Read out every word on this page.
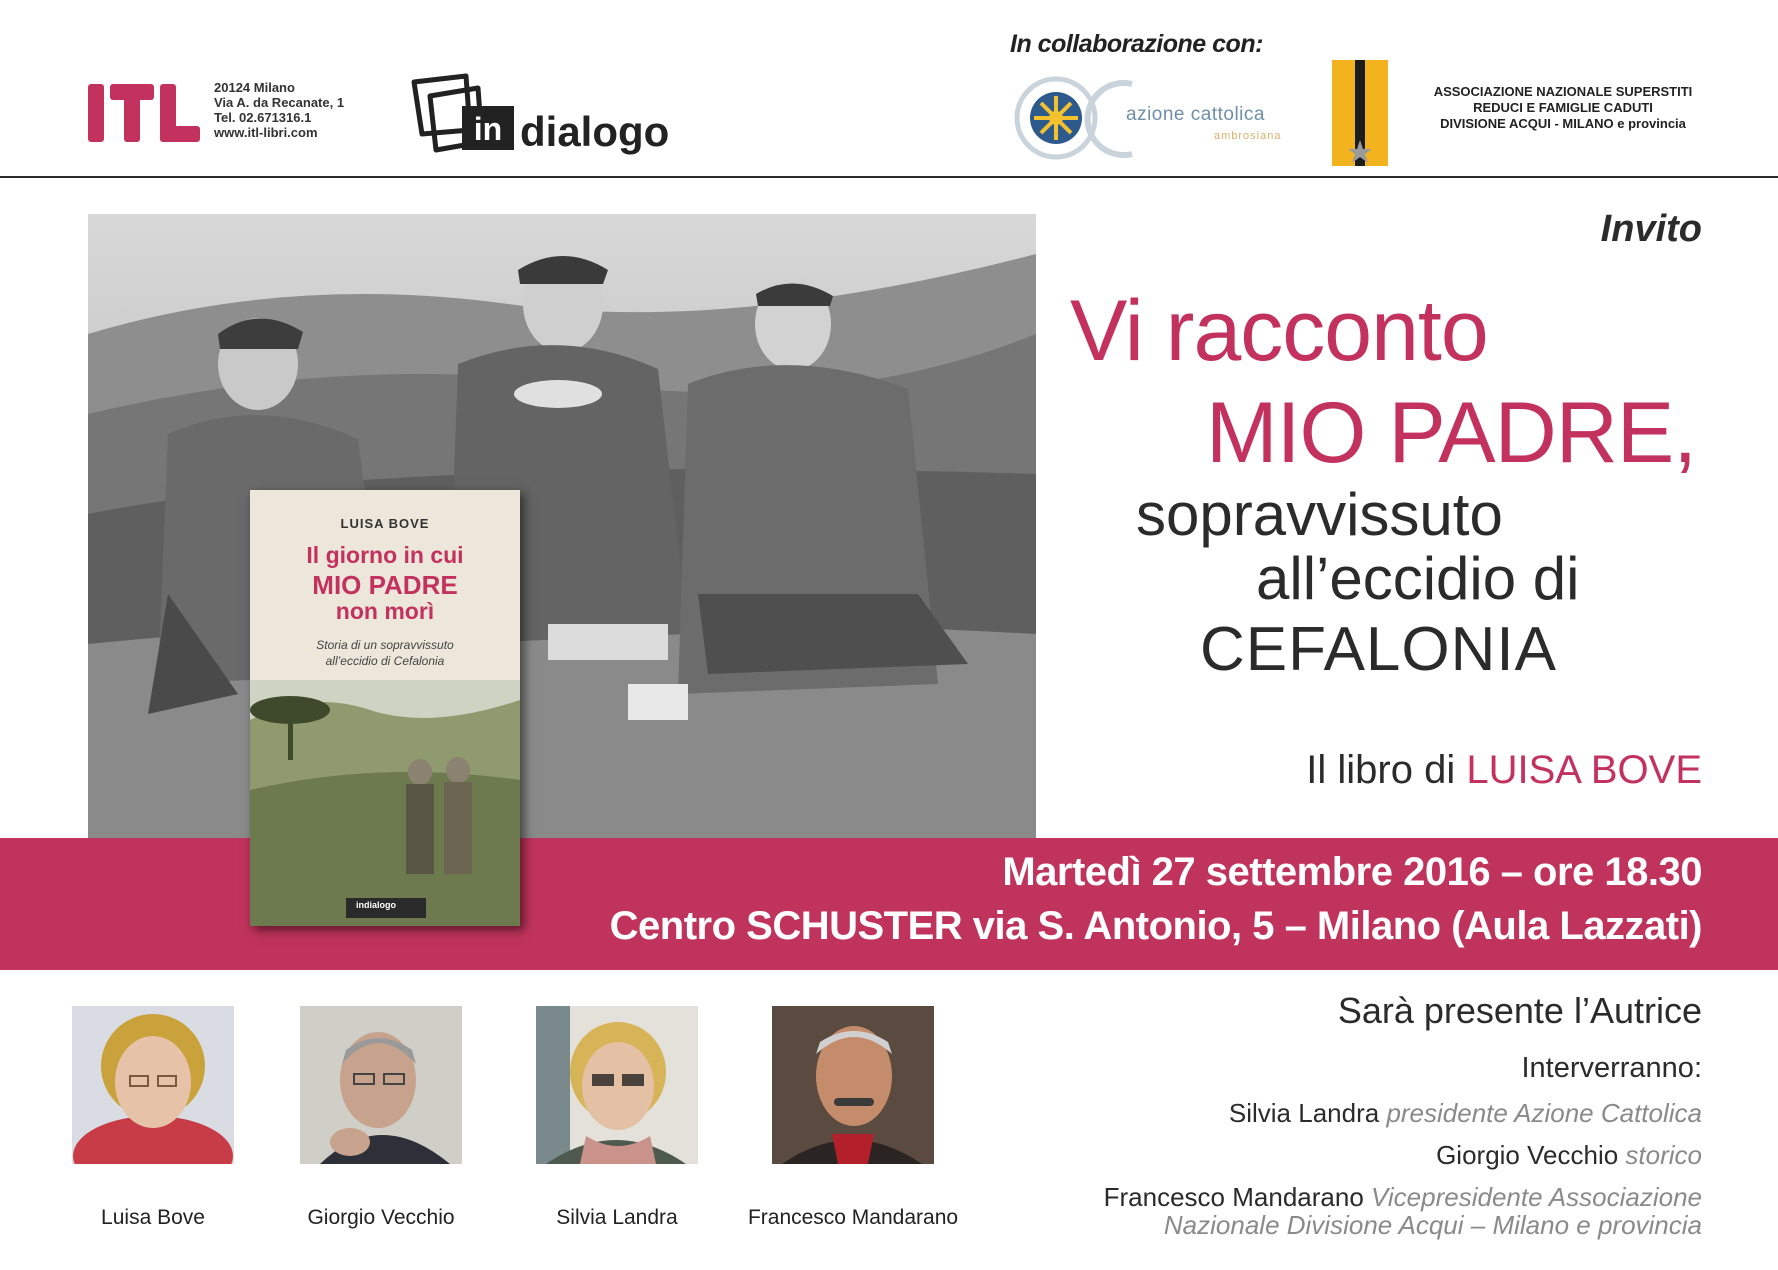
20124 Milano
Via A. da Recanate, 1
Tel. 02.671316.1
www.itl-libri.com	in dialogo
In collaborazione con:
azione cattolica
ambrosiana
ASSOCIAZIONE NAZIONALE SUPERSTITI
REDUCI E FAMIGLIE CADUTI
DIVISIONE ACQUI - MILANO e provincia
Invito
Vi racconto
MIO PADRE,
sopravvissuto
all’eccidio di
CEFALONIA
Il libro di LUISA BOVE
Martedì 27 settembre 2016 – ore 18.30
Centro SCHUSTER via S. Antonio, 5 – Milano (Aula Lazzati)
LUISA BOVE
Il giorno in cui
MIO PADRE
non morì
Storia di un sopravvissuto
all’eccidio di Cefalonia
indialogo
Luisa Bove	Giorgio Vecchio	Silvia Landra	Francesco Mandarano
Sarà presente l’Autrice
Interverranno:
Silvia Landra presidente Azione Cattolica
Giorgio Vecchio storico
Francesco Mandarano Vicepresidente Associazione
Nazionale Divisione Acqui – Milano e provincia
